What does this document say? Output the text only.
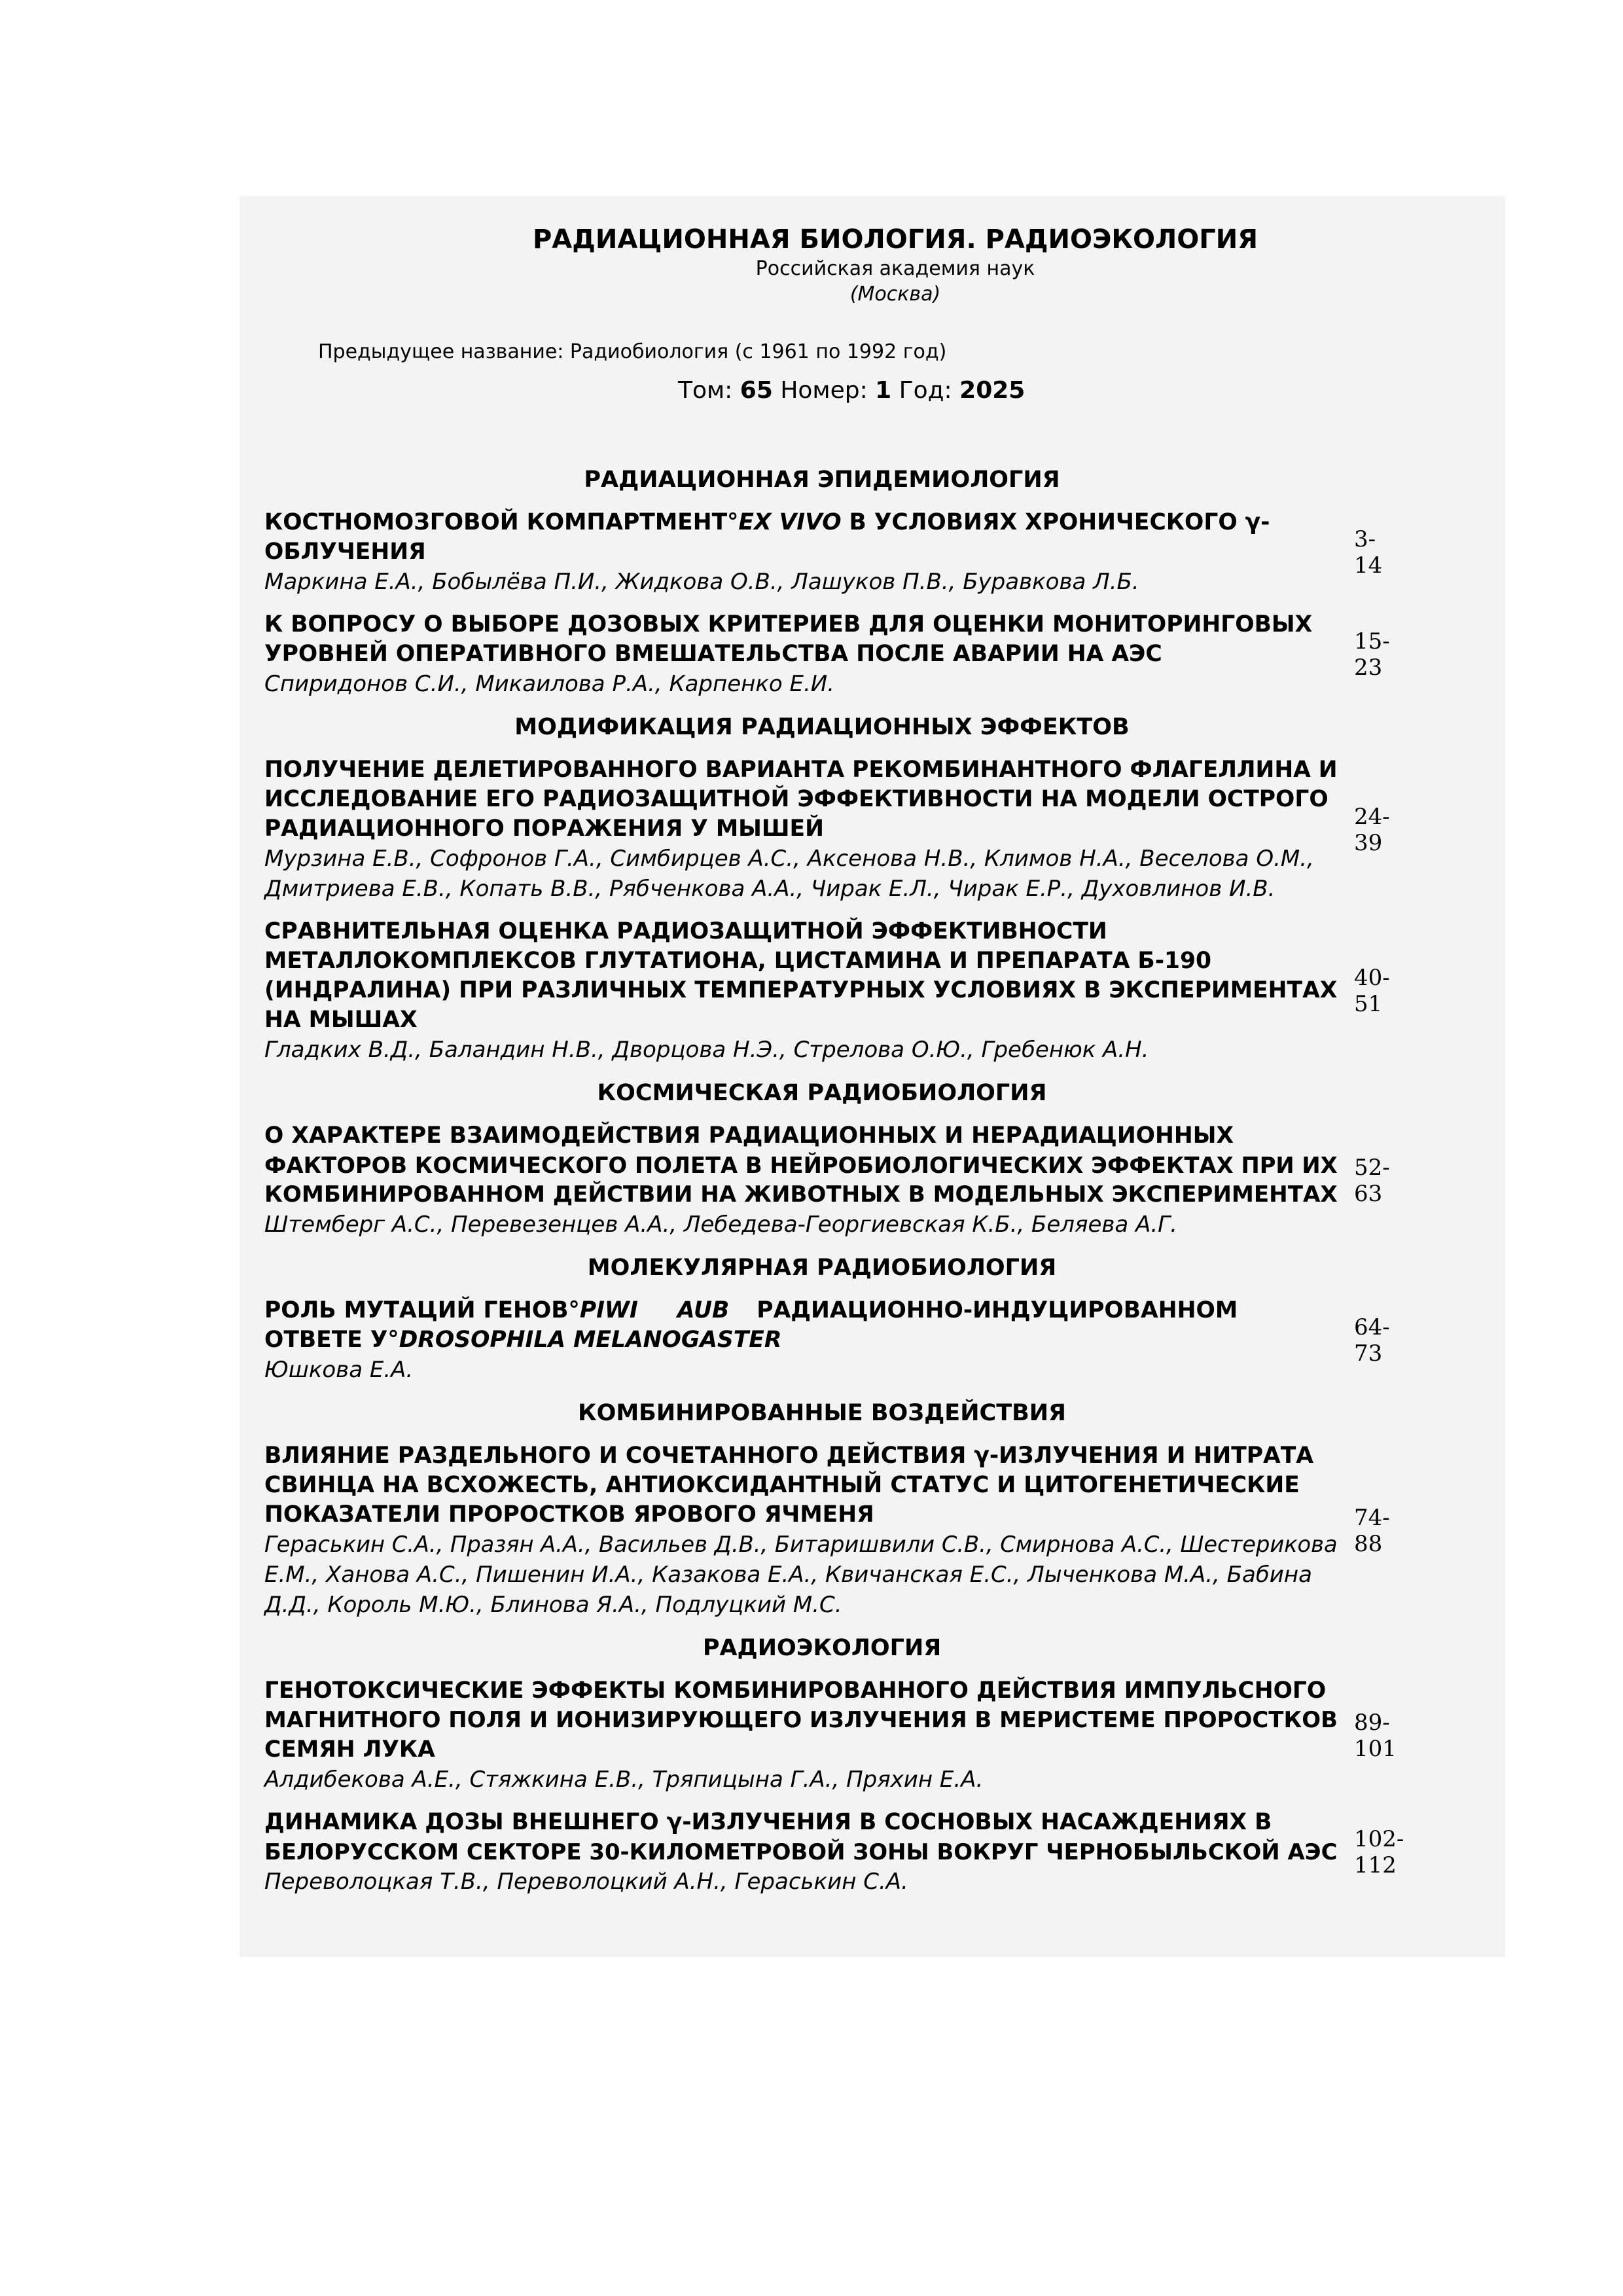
РАДИАЦИОННАЯ БИОЛОГИЯ. РАДИОЭКОЛОГИЯ
Российская академия наук
(Москва)
Предыдущее название: Радиобиология (с 1961 по 1992 год)
Том: 65 Номер: 1 Год: 2025
РАДИАЦИОННАЯ ЭПИДЕМИОЛОГИЯ
КОСТНОМОЗГОВОЙ КОМПАРТМЕНТ°EX VIVO В УСЛОВИЯХ ХРОНИЧЕСКОГО γ-
ОБЛУЧЕНИЯ
Маркина Е.А., Бобылёва П.И., Жидкова О.В., Лашуков П.В., Буравкова Л.Б.
3-14
К ВОПРОСУ О ВЫБОРЕ ДОЗОВЫХ КРИТЕРИЕВ ДЛЯ ОЦЕНКИ МОНИТОРИНГОВЫХ
УРОВНЕЙ ОПЕРАТИВНОГО ВМЕШАТЕЛЬСТВА ПОСЛЕ АВАРИИ НА АЭС
Спиридонов С.И., Микаилова Р.А., Карпенко Е.И.
15-23
МОДИФИКАЦИЯ РАДИАЦИОННЫХ ЭФФЕКТОВ
ПОЛУЧЕНИЕ ДЕЛЕТИРОВАННОГО ВАРИАНТА РЕКОМБИНАНТНОГО ФЛАГЕЛЛИНА И
ИССЛЕДОВАНИЕ ЕГО РАДИОЗАЩИТНОЙ ЭФФЕКТИВНОСТИ НА МОДЕЛИ ОСТРОГО
РАДИАЦИОННОГО ПОРАЖЕНИЯ У МЫШЕЙ
Мурзина Е.В., Софронов Г.А., Симбирцев А.С., Аксенова Н.В., Климов Н.А., Веселова О.М.,
Дмитриева Е.В., Копать В.В., Рябченкова А.А., Чирак Е.Л., Чирак Е.Р., Духовлинов И.В.
24-39
СРАВНИТЕЛЬНАЯ ОЦЕНКА РАДИОЗАЩИТНОЙ ЭФФЕКТИВНОСТИ
МЕТАЛЛОКОМПЛЕКСОВ ГЛУТАТИОНА, ЦИСТАМИНА И ПРЕПАРАТА Б-190
(ИНДРАЛИНА) ПРИ РАЗЛИЧНЫХ ТЕМПЕРАТУРНЫХ УСЛОВИЯХ В ЭКСПЕРИМЕНТАХ
НА МЫШАХ
Гладких В.Д., Баландин Н.В., Дворцова Н.Э., Стрелова О.Ю., Гребенюк А.Н.
40-51
КОСМИЧЕСКАЯ РАДИОБИОЛОГИЯ
О ХАРАКТЕРЕ ВЗАИМОДЕЙСТВИЯ РАДИАЦИОННЫХ И НЕРАДИАЦИОННЫХ
ФАКТОРОВ КОСМИЧЕСКОГО ПОЛЕТА В НЕЙРОБИОЛОГИЧЕСКИХ ЭФФЕКТАХ ПРИ ИХ
КОМБИНИРОВАННОМ ДЕЙСТВИИ НА ЖИВОТНЫХ В МОДЕЛЬНЫХ ЭКСПЕРИМЕНТАХ
Штемберг А.С., Перевезенцев А.А., Лебедева-Георгиевская К.Б., Беляева А.Г.
52-63
МОЛЕКУЛЯРНАЯ РАДИОБИОЛОГИЯ
РОЛЬ МУТАЦИЙ ГЕНОВ°PIWI AUB РАДИАЦИОННО-ИНДУЦИРОВАННОМ
ОТВЕТЕ У°DROSOPHILA MELANOGASTER
Юшкова Е.А.
64-73
КОМБИНИРОВАННЫЕ ВОЗДЕЙСТВИЯ
ВЛИЯНИЕ РАЗДЕЛЬНОГО И СОЧЕТАННОГО ДЕЙСТВИЯ γ-ИЗЛУЧЕНИЯ И НИТРАТА
СВИНЦА НА ВСХОЖЕСТЬ, АНТИОКСИДАНТНЫЙ СТАТУС И ЦИТОГЕНЕТИЧЕСКИЕ
ПОКАЗАТЕЛИ ПРОРОСТКОВ ЯРОВОГО ЯЧМЕНЯ
Гераськин С.А., Празян А.А., Васильев Д.В., Битаришвили С.В., Смирнова А.С., Шестерикова
Е.М., Ханова А.С., Пишенин И.А., Казакова Е.А., Квичанская Е.С., Лыченкова М.А., Бабина
Д.Д., Король М.Ю., Блинова Я.А., Подлуцкий М.С.
74-88
РАДИОЭКОЛОГИЯ
ГЕНОТОКСИЧЕСКИЕ ЭФФЕКТЫ КОМБИНИРОВАННОГО ДЕЙСТВИЯ ИМПУЛЬСНОГО
МАГНИТНОГО ПОЛЯ И ИОНИЗИРУЮЩЕГО ИЗЛУЧЕНИЯ В МЕРИСТЕМЕ ПРОРОСТКОВ
СЕМЯН ЛУКА
Алдибекова А.Е., Стяжкина Е.В., Тряпицына Г.А., Пряхин Е.А.
89-101
ДИНАМИКА ДОЗЫ ВНЕШНЕГО γ-ИЗЛУЧЕНИЯ В СОСНОВЫХ НАСАЖДЕНИЯХ В
БЕЛОРУССКОМ СЕКТОРЕ 30-КИЛОМЕТРОВОЙ ЗОНЫ ВОКРУГ ЧЕРНОБЫЛЬСКОЙ АЭС
Переволоцкая Т.В., Переволоцкий А.Н., Гераськин С.А.
102-112
